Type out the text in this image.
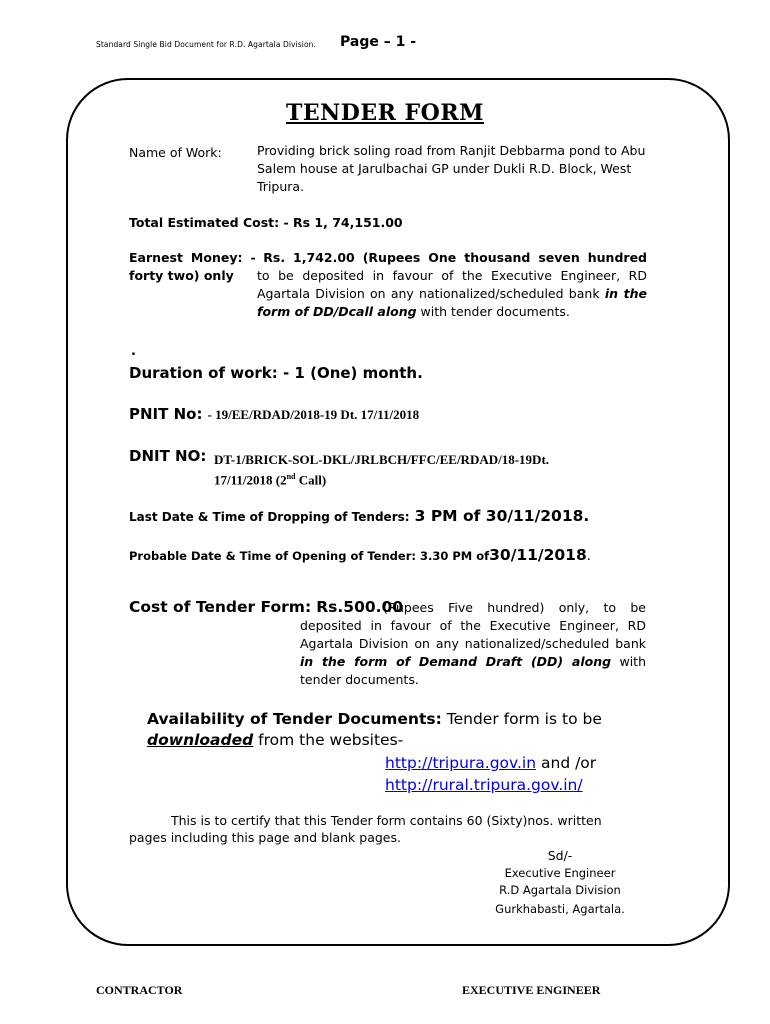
Standard Single Bid Document for R.D. Agartala Division. Page – 1 -
TENDER FORM
Name of Work:	Providing brick soling road from Ranjit Debbarma pond to Abu Salem house at Jarulbachai GP under Dukli R.D. Block, West Tripura.
Total Estimated Cost: - Rs 1, 74,151.00
Earnest Money: - Rs. 1,742.00 (Rupees One thousand seven hundred forty two) only	to be deposited in favour of the Executive Engineer, RD Agartala Division on any nationalized/scheduled bank in the form of DD/Dcall along with tender documents.
.
Duration of work: - 1 (One) month.
PNIT No: - 19/EE/RDAD/2018-19 Dt. 17/11/2018
DNIT NO: DT-1/BRICK-SOL-DKL/JRLBCH/FFC/EE/RDAD/18-19Dt.
17/11/2018 (2nd Call)
Last Date & Time of Dropping of Tenders: 3 PM of 30/11/2018.
Probable Date & Time of Opening of Tender: 3.30 PM of30/11/2018.
Cost of Tender Form: Rs.500.00
(Rupees Five hundred) only, to be deposited in favour of the Executive Engineer, RD Agartala Division on any nationalized/scheduled bank in the form of Demand Draft (DD) along with tender documents.
Availability of Tender Documents: Tender form is to be
downloaded from the websites-
http://tripura.gov.in and /or
http://rural.tripura.gov.in/
This is to certify that this Tender form contains 60 (Sixty)nos. written
pages including this page and blank pages.
Sd/-
Executive Engineer
R.D Agartala Division
Gurkhabasti, Agartala.
CONTRACTOR	EXECUTIVE ENGINEER
